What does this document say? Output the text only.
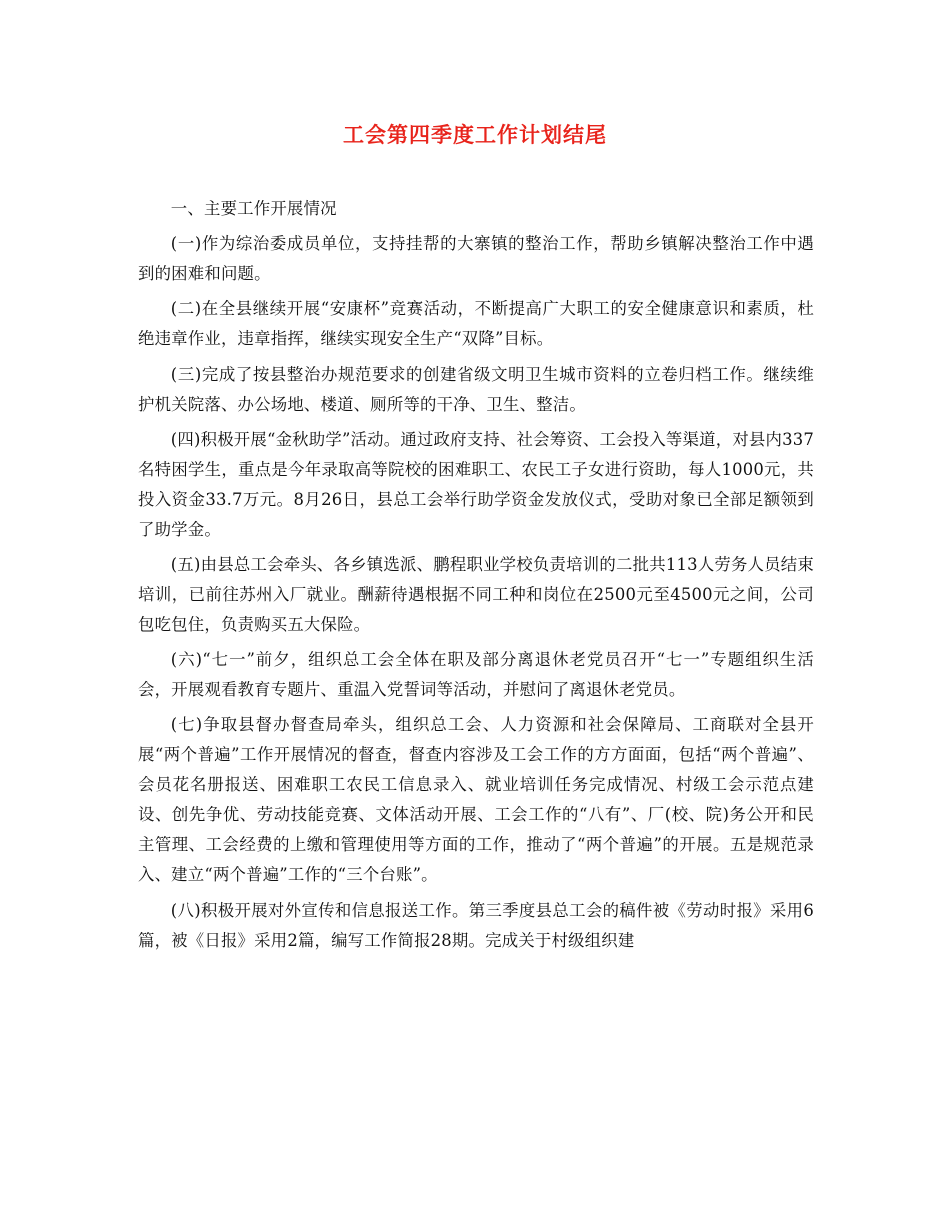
工会第四季度工作计划结尾

一、主要工作开展情况

(一)作为综治委成员单位，支持挂帮的大寨镇的整治工作，帮助乡镇解决整治工作中遇到的困难和问题。

(二)在全县继续开展“安康杯”竞赛活动，不断提高广大职工的安全健康意识和素质，杜绝违章作业，违章指挥，继续实现安全生产“双降”目标。

(三)完成了按县整治办规范要求的创建省级文明卫生城市资料的立卷归档工作。继续维护机关院落、办公场地、楼道、厕所等的干净、卫生、整洁。

(四)积极开展“金秋助学”活动。通过政府支持、社会筹资、工会投入等渠道，对县内337名特困学生，重点是今年录取高等院校的困难职工、农民工子女进行资助，每人1000元，共投入资金33.7万元。8月26日，县总工会举行助学资金发放仪式，受助对象已全部足额领到了助学金。

(五)由县总工会牵头、各乡镇选派、鹏程职业学校负责培训的二批共113人劳务人员结束培训，已前往苏州入厂就业。酬薪待遇根据不同工种和岗位在2500元至4500元之间，公司包吃包住，负责购买五大保险。

(六)“七一”前夕，组织总工会全体在职及部分离退休老党员召开“七一”专题组织生活会，开展观看教育专题片、重温入党誓词等活动，并慰问了离退休老党员。

(七)争取县督办督查局牵头，组织总工会、人力资源和社会保障局、工商联对全县开展“两个普遍”工作开展情况的督查，督查内容涉及工会工作的方方面面，包括“两个普遍”、会员花名册报送、困难职工农民工信息录入、就业培训任务完成情况、村级工会示范点建设、创先争优、劳动技能竞赛、文体活动开展、工会工作的“八有”、厂(校、院)务公开和民主管理、工会经费的上缴和管理使用等方面的工作，推动了“两个普遍”的开展。五是规范录入、建立“两个普遍”工作的“三个台账”。

(八)积极开展对外宣传和信息报送工作。第三季度县总工会的稿件被《劳动时报》采用6篇，被《日报》采用2篇，编写工作简报28期。完成关于村级组织建
